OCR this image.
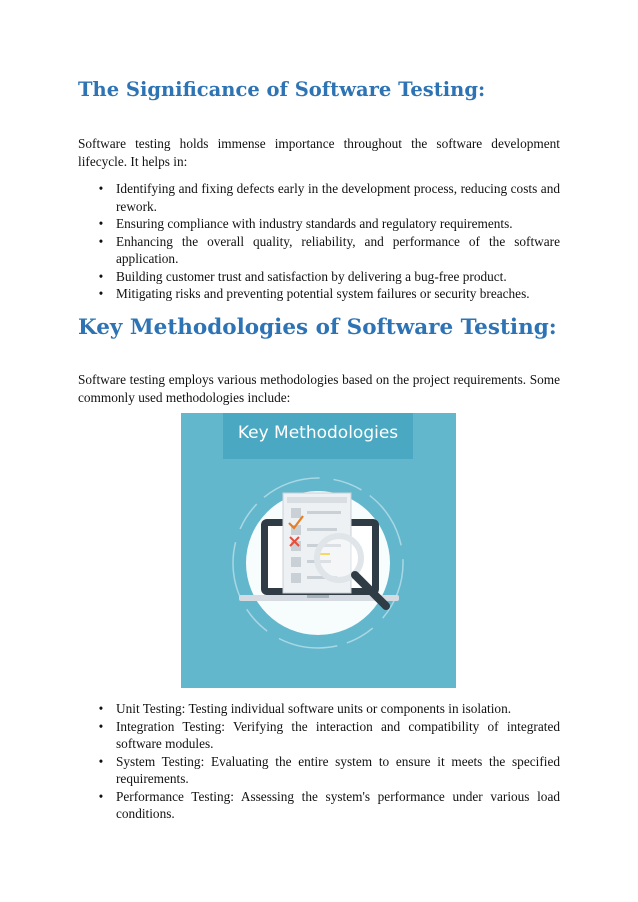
The Significance of Software Testing:

Software testing holds immense importance throughout the software development lifecycle. It helps in:

• Identifying and fixing defects early in the development process, reducing costs and rework.
• Ensuring compliance with industry standards and regulatory requirements.
• Enhancing the overall quality, reliability, and performance of the software application.
• Building customer trust and satisfaction by delivering a bug-free product.
• Mitigating risks and preventing potential system failures or security breaches.
Key Methodologies of Software Testing:

Software testing employs various methodologies based on the project requirements. Some commonly used methodologies include:

Key Methodologies
• Unit Testing: Testing individual software units or components in isolation.
• Integration Testing: Verifying the interaction and compatibility of integrated software modules.
• System Testing: Evaluating the entire system to ensure it meets the specified requirements.
• Performance Testing: Assessing the system's performance under various load conditions.
